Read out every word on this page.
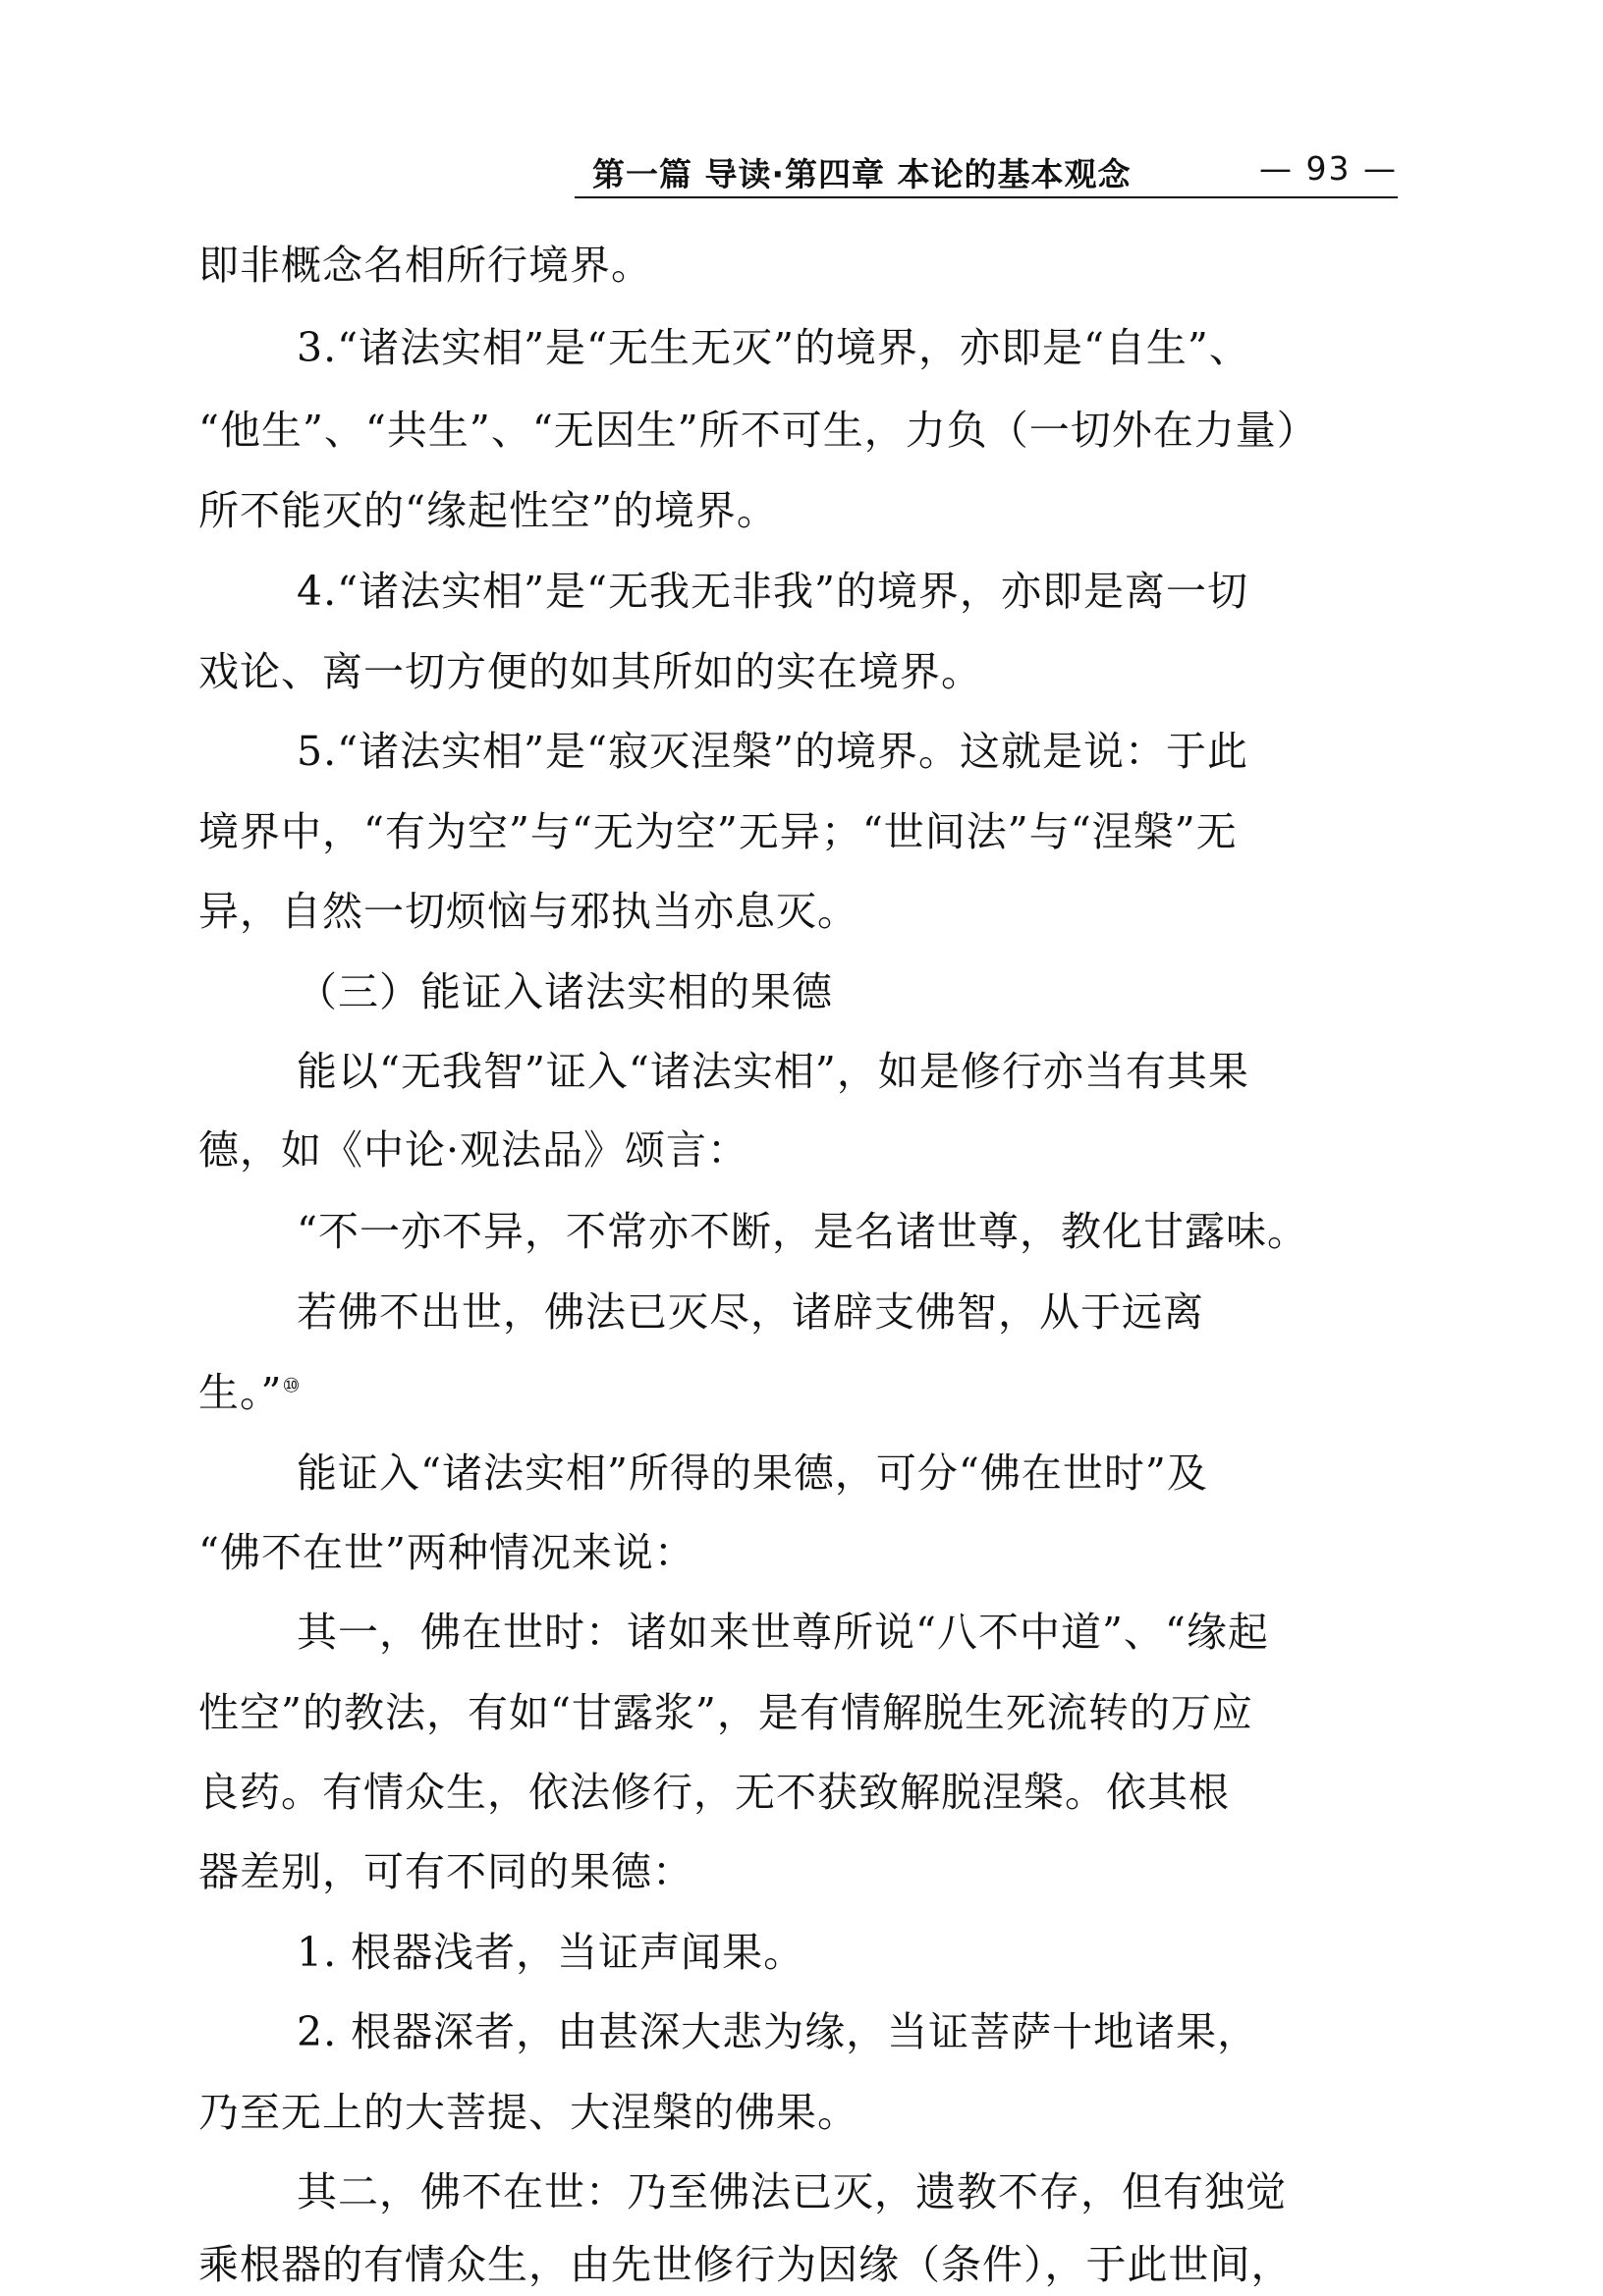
第一篇 导读·第四章 本论的基本观念	— 93 —
即非概念名相所行境界。
3.“诸法实相”是“无生无灭”的境界，亦即是“自生”、
“他生”、“共生”、“无因生”所不可生，力负（一切外在力量）
所不能灭的“缘起性空”的境界。
4.“诸法实相”是“无我无非我”的境界，亦即是离一切
戏论、离一切方便的如其所如的实在境界。
5.“诸法实相”是“寂灭涅槃”的境界。这就是说：于此
境界中，“有为空”与“无为空”无异；“世间法”与“涅槃”无
异，自然一切烦恼与邪执当亦息灭。
（三）能证入诸法实相的果德
能以“无我智”证入“诸法实相”，如是修行亦当有其果
德，如《中论·观法品》颂言：
“不一亦不异，不常亦不断，是名诸世尊，教化甘露味。
若佛不出世，佛法已灭尽，诸辟支佛智，从于远离
生。”⑩
能证入“诸法实相”所得的果德，可分“佛在世时”及
“佛不在世”两种情况来说：
其一，佛在世时：诸如来世尊所说“八不中道”、“缘起
性空”的教法，有如“甘露浆”，是有情解脱生死流转的万应
良药。有情众生，依法修行，无不获致解脱涅槃。依其根
器差别，可有不同的果德：
1. 根器浅者，当证声闻果。
2. 根器深者，由甚深大悲为缘，当证菩萨十地诸果，
乃至无上的大菩提、大涅槃的佛果。
其二，佛不在世：乃至佛法已灭，遗教不存，但有独觉
乘根器的有情众生，由先世修行为因缘（条件），于此世间，
